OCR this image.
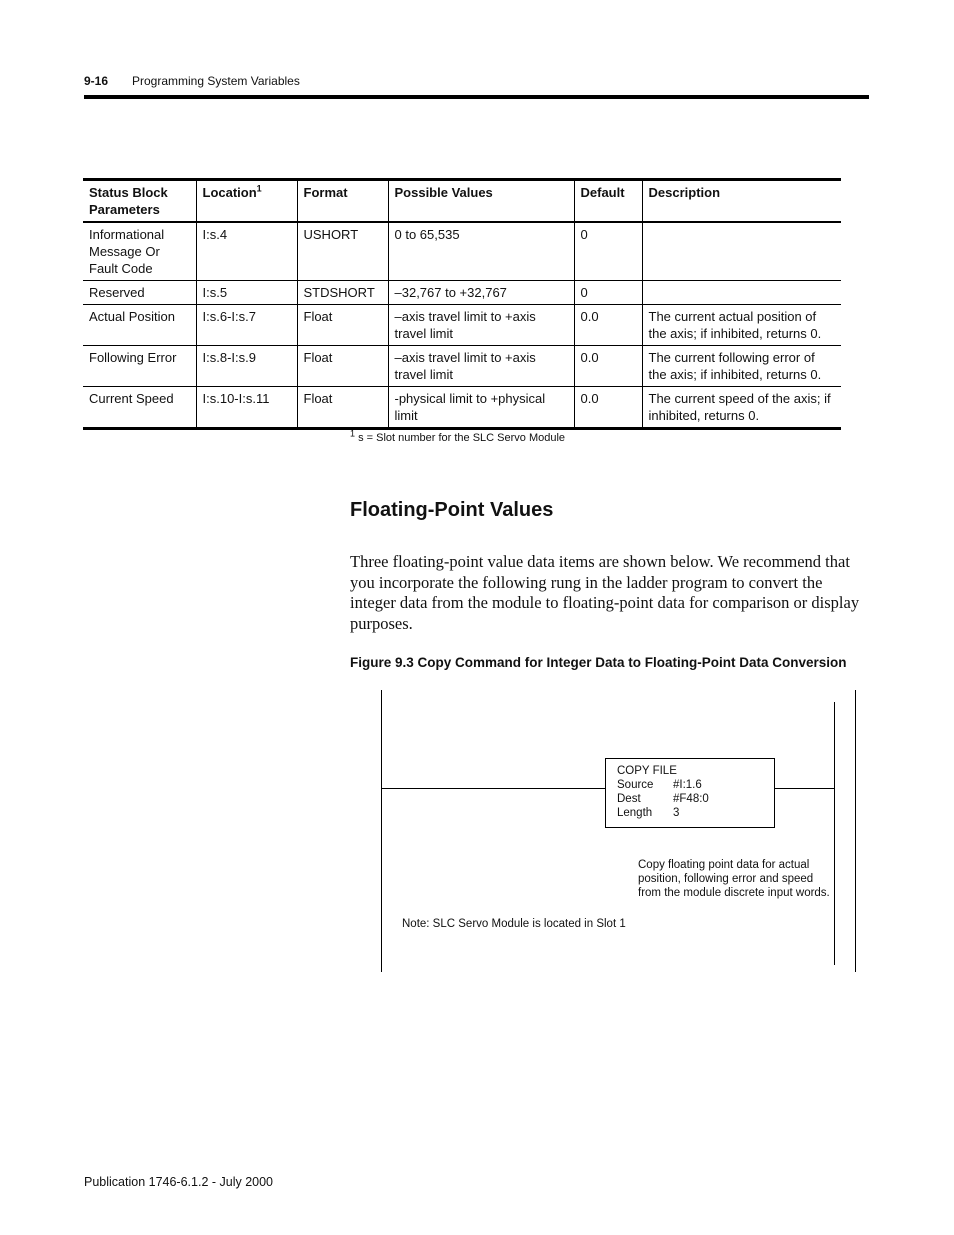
9-16 Programming System Variables
Status Block Parameters	Location$^1$	Format	Possible Values	Default	Description
Informational Message Or Fault Code	I:s.4	USHORT	0 to 65,535	0	
Reserved	I:s.5	STDSHORT	–32,767 to +32,767	0	
Actual Position	I:s.6-I:s.7	Float	–axis travel limit to +axis travel limit	0.0	The current actual position of the axis; if inhibited, returns 0.
Following Error	I:s.8-I:s.9	Float	–axis travel limit to +axis travel limit	0.0	The current following error of the axis; if inhibited, returns 0.
Current Speed	I:s.10-I:s.11	Float	-physical limit to +physical limit	0.0	The current speed of the axis; if inhibited, returns 0.
$^1$ s = Slot number for the SLC Servo Module
Floating-Point Values

Three floating-point value data items are shown below. We recommend that you incorporate the following rung in the ladder program to convert the integer data from the module to floating-point data for comparison or display purposes.

Figure 9.3 Copy Command for Integer Data to Floating-Point Data Conversion
COPY FILE
Source	#I:1.6
Dest	#F48:0
Length	3
Copy floating point data for actual position, following error and speed from the module discrete input words.
Note: SLC Servo Module is located in Slot 1
Publication 1746-6.1.2 - July 2000
